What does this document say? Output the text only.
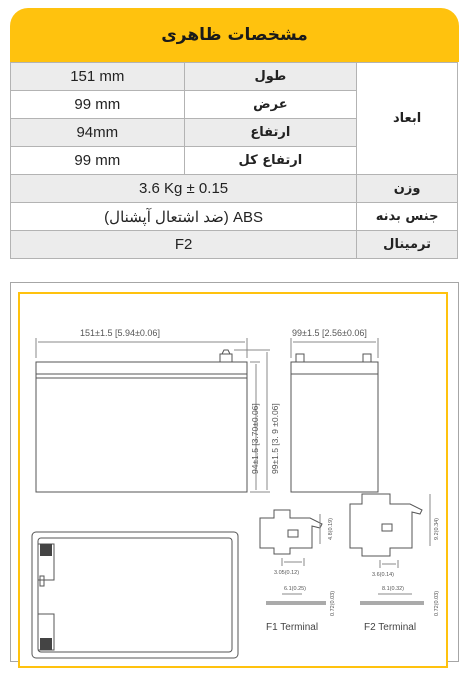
مشخصات ظاهری
151 mm	طول	ابعاد
99 mm	عرض	
94mm	ارتفاع	
99 mm	ارتفاع کل	
3.6 Kg ± 0.15		وزن
ABS (ضد اشتعال آپشنال)		جنس بدنه
F2		ترمینال
151±1.5 [5.94±0.06]	99±1.5 [2.56±0.06]
94±1.5 [3.70±0.06] 99±1.5 [3. 9 ±0.06]
3.05(0.12)
4.8(0.19)
6.1(0.25)
0.72(0.03)
F1 Terminal
3.6(0.14)
9.2(0.34)
8.1(0.32)
0.72(0.03)
F2 Terminal
